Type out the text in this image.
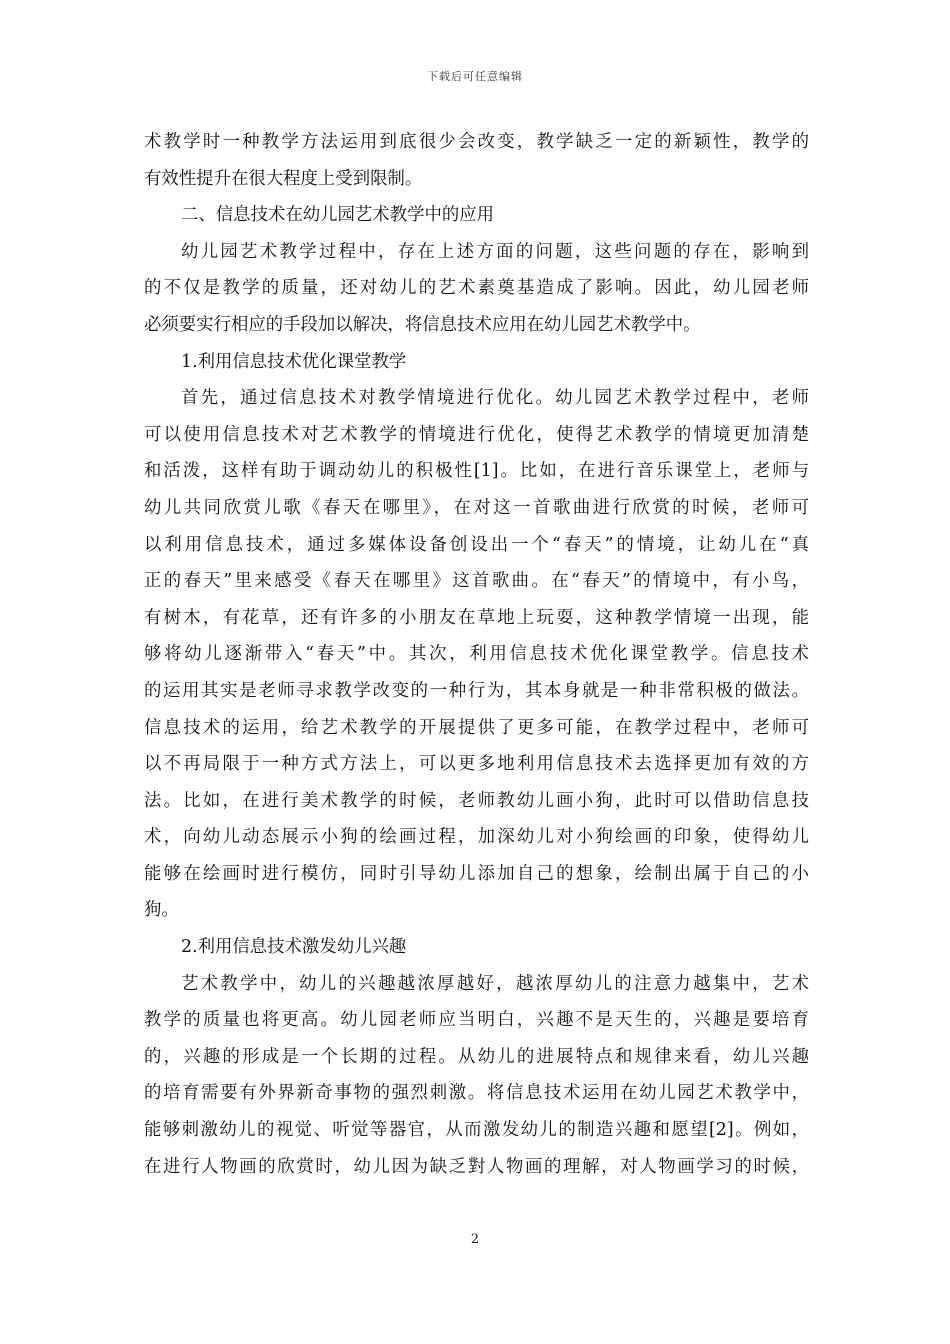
下载后可任意编辑
术教学时一种教学方法运用到底很少会改变，教学缺乏一定的新颖性，教学的
有效性提升在很大程度上受到限制。
二、信息技术在幼儿园艺术教学中的应用
幼儿园艺术教学过程中，存在上述方面的问题，这些问题的存在，影响到
的不仅是教学的质量，还对幼儿的艺术素奠基造成了影响。因此，幼儿园老师
必须要实行相应的手段加以解决，将信息技术应用在幼儿园艺术教学中。
1.利用信息技术优化课堂教学
首先，通过信息技术对教学情境进行优化。幼儿园艺术教学过程中，老师
可以使用信息技术对艺术教学的情境进行优化，使得艺术教学的情境更加清楚
和活泼，这样有助于调动幼儿的积极性[1]。比如，在进行音乐课堂上，老师与
幼儿共同欣赏儿歌《春天在哪里》，在对这一首歌曲进行欣赏的时候，老师可
以利用信息技术，通过多媒体设备创设出一个“春天”的情境，让幼儿在“真
正的春天”里来感受《春天在哪里》这首歌曲。在“春天”的情境中，有小鸟，
有树木，有花草，还有许多的小朋友在草地上玩耍，这种教学情境一出现，能
够将幼儿逐渐带入“春天”中。其次，利用信息技术优化课堂教学。信息技术
的运用其实是老师寻求教学改变的一种行为，其本身就是一种非常积极的做法。
信息技术的运用，给艺术教学的开展提供了更多可能，在教学过程中，老师可
以不再局限于一种方式方法上，可以更多地利用信息技术去选择更加有效的方
法。比如，在进行美术教学的时候，老师教幼儿画小狗，此时可以借助信息技
术，向幼儿动态展示小狗的绘画过程，加深幼儿对小狗绘画的印象，使得幼儿
能够在绘画时进行模仿，同时引导幼儿添加自己的想象，绘制出属于自己的小
狗。
2.利用信息技术激发幼儿兴趣
艺术教学中，幼儿的兴趣越浓厚越好，越浓厚幼儿的注意力越集中，艺术
教学的质量也将更高。幼儿园老师应当明白，兴趣不是天生的，兴趣是要培育
的，兴趣的形成是一个长期的过程。从幼儿的进展特点和规律来看，幼儿兴趣
的培育需要有外界新奇事物的强烈刺激。将信息技术运用在幼儿园艺术教学中，
能够刺激幼儿的视觉、听觉等器官，从而激发幼儿的制造兴趣和愿望[2]。例如，
在进行人物画的欣赏时，幼儿因为缺乏對人物画的理解，对人物画学习的时候，
2
